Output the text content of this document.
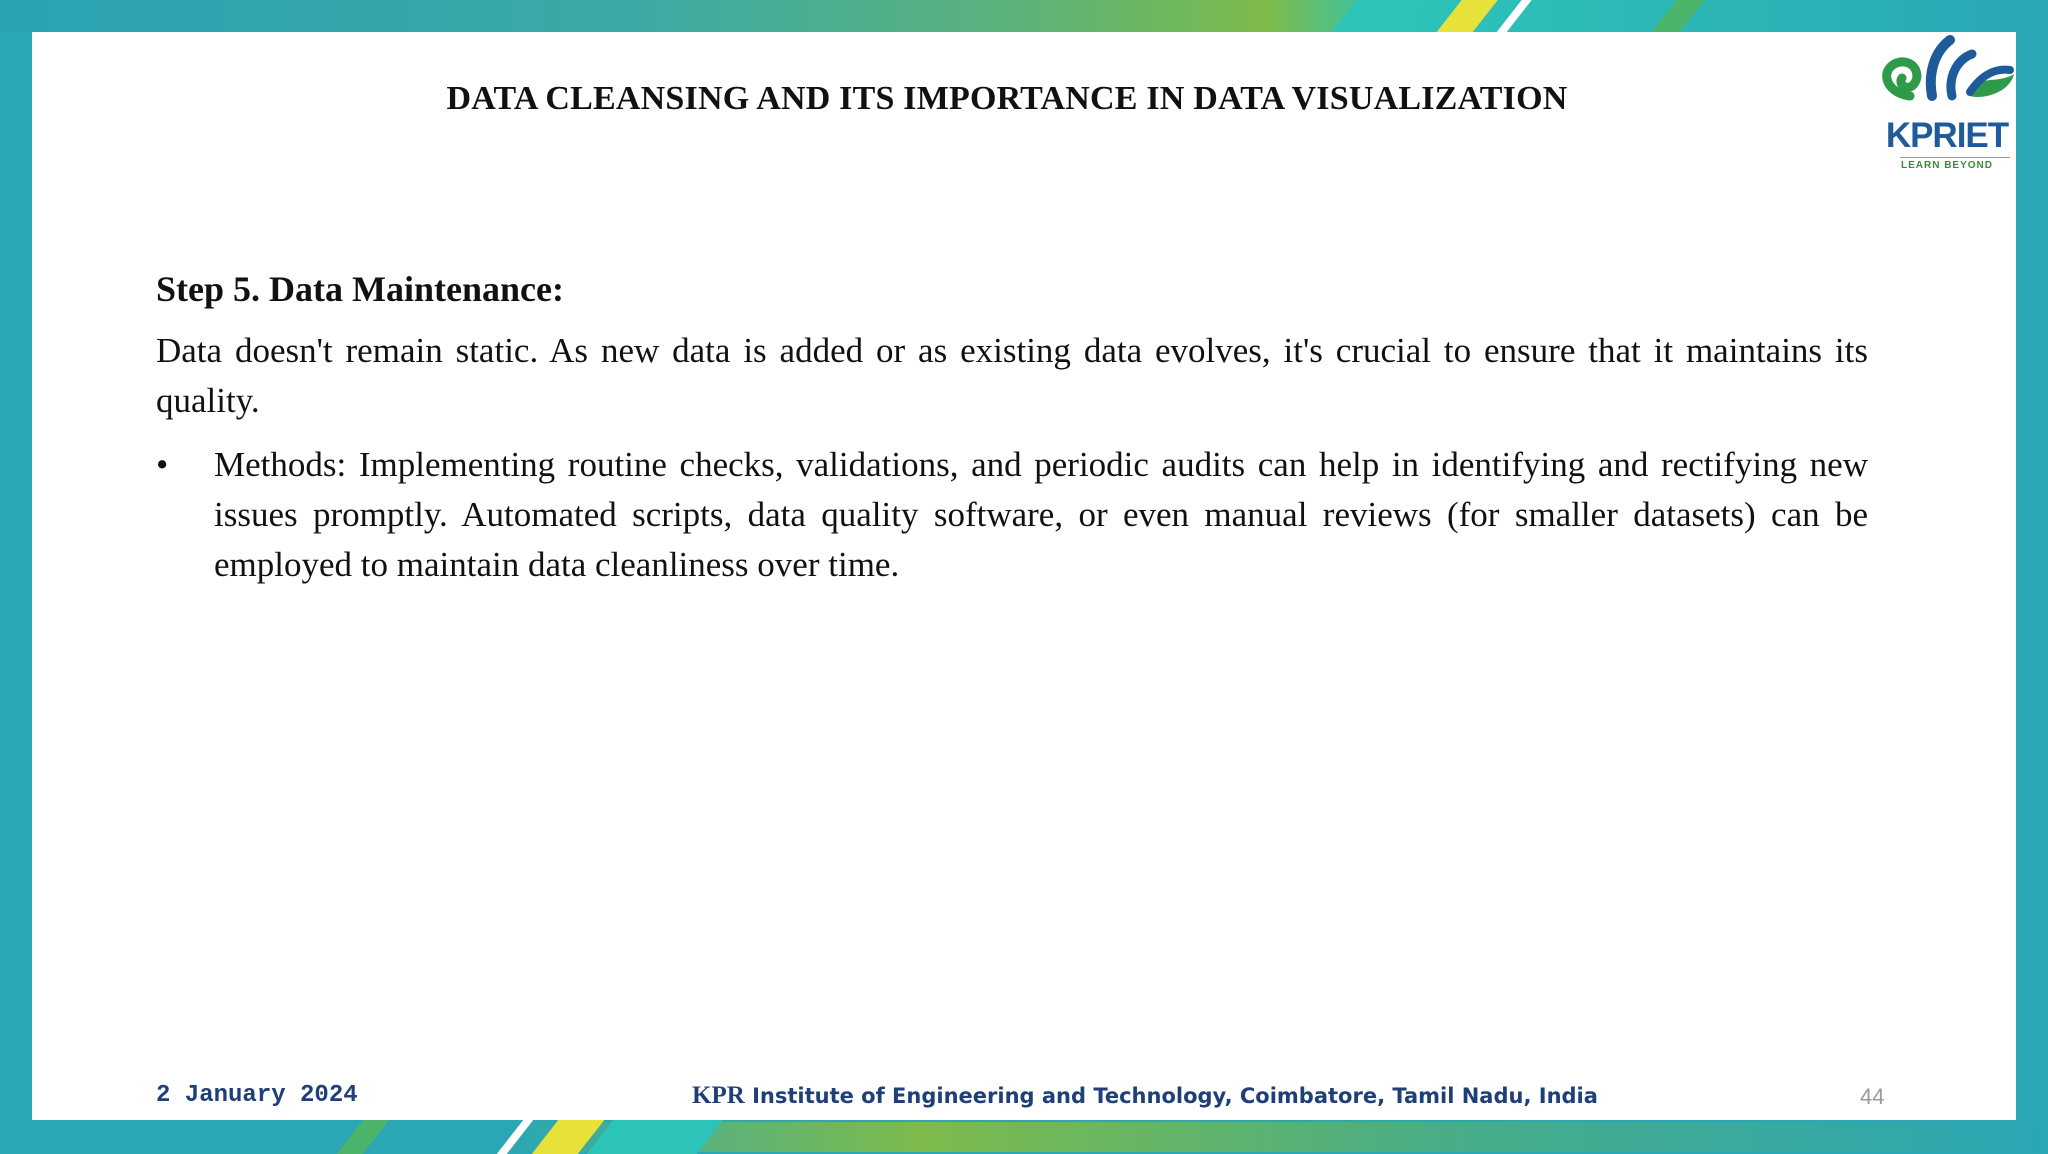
DATA CLEANSING AND ITS IMPORTANCE IN DATA VISUALIZATION
KPRIET
LEARN BEYOND
Step 5. Data Maintenance:
Data doesn't remain static. As new data is added or as existing data evolves, it's crucial to ensure that it maintains its quality.
•	Methods: Implementing routine checks, validations, and periodic audits can help in identifying and rectifying new issues promptly. Automated scripts, data quality software, or even manual reviews (for smaller datasets) can be employed to maintain data cleanliness over time.
2 January 2024	KPR Institute of Engineering and Technology, Coimbatore, Tamil Nadu, India	44
